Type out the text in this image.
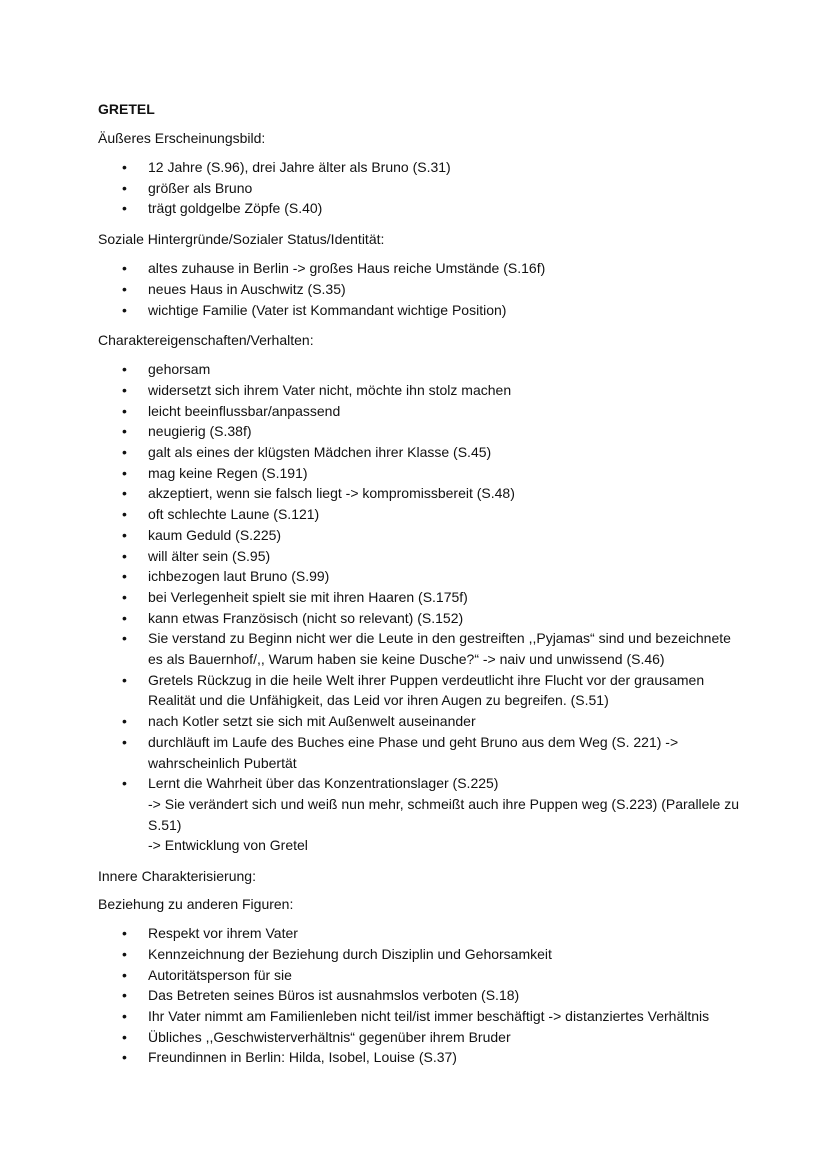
GRETEL
Äußeres Erscheinungsbild:
• 12 Jahre (S.96), drei Jahre älter als Bruno (S.31)
• größer als Bruno
• trägt goldgelbe Zöpfe (S.40)
Soziale Hintergründe/Sozialer Status/Identität:
• altes zuhause in Berlin -> großes Haus reiche Umstände (S.16f)
• neues Haus in Auschwitz (S.35)
• wichtige Familie (Vater ist Kommandant wichtige Position)
Charaktereigenschaften/Verhalten:
• gehorsam
• widersetzt sich ihrem Vater nicht, möchte ihn stolz machen
• leicht beeinflussbar/anpassend
• neugierig (S.38f)
• galt als eines der klügsten Mädchen ihrer Klasse (S.45)
• mag keine Regen (S.191)
• akzeptiert, wenn sie falsch liegt -> kompromissbereit (S.48)
• oft schlechte Laune (S.121)
• kaum Geduld (S.225)
• will älter sein (S.95)
• ichbezogen laut Bruno (S.99)
• bei Verlegenheit spielt sie mit ihren Haaren (S.175f)
• kann etwas Französisch (nicht so relevant) (S.152)
• Sie verstand zu Beginn nicht wer die Leute in den gestreiften ,,Pyjamas“ sind und bezeichnete
es als Bauernhof/,, Warum haben sie keine Dusche?“ -> naiv und unwissend (S.46)
• Gretels Rückzug in die heile Welt ihrer Puppen verdeutlicht ihre Flucht vor der grausamen
Realität und die Unfähigkeit, das Leid vor ihren Augen zu begreifen. (S.51)
• nach Kotler setzt sie sich mit Außenwelt auseinander
• durchläuft im Laufe des Buches eine Phase und geht Bruno aus dem Weg (S. 221) ->
wahrscheinlich Pubertät
• Lernt die Wahrheit über das Konzentrationslager (S.225)
-> Sie verändert sich und weiß nun mehr, schmeißt auch ihre Puppen weg (S.223) (Parallele zu
S.51)
-> Entwicklung von Gretel
Innere Charakterisierung:
Beziehung zu anderen Figuren:
• Respekt vor ihrem Vater
• Kennzeichnung der Beziehung durch Disziplin und Gehorsamkeit
• Autoritätsperson für sie
• Das Betreten seines Büros ist ausnahmslos verboten (S.18)
• Ihr Vater nimmt am Familienleben nicht teil/ist immer beschäftigt -> distanziertes Verhältnis
• Übliches ,,Geschwisterverhältnis“ gegenüber ihrem Bruder
• Freundinnen in Berlin: Hilda, Isobel, Louise (S.37)
